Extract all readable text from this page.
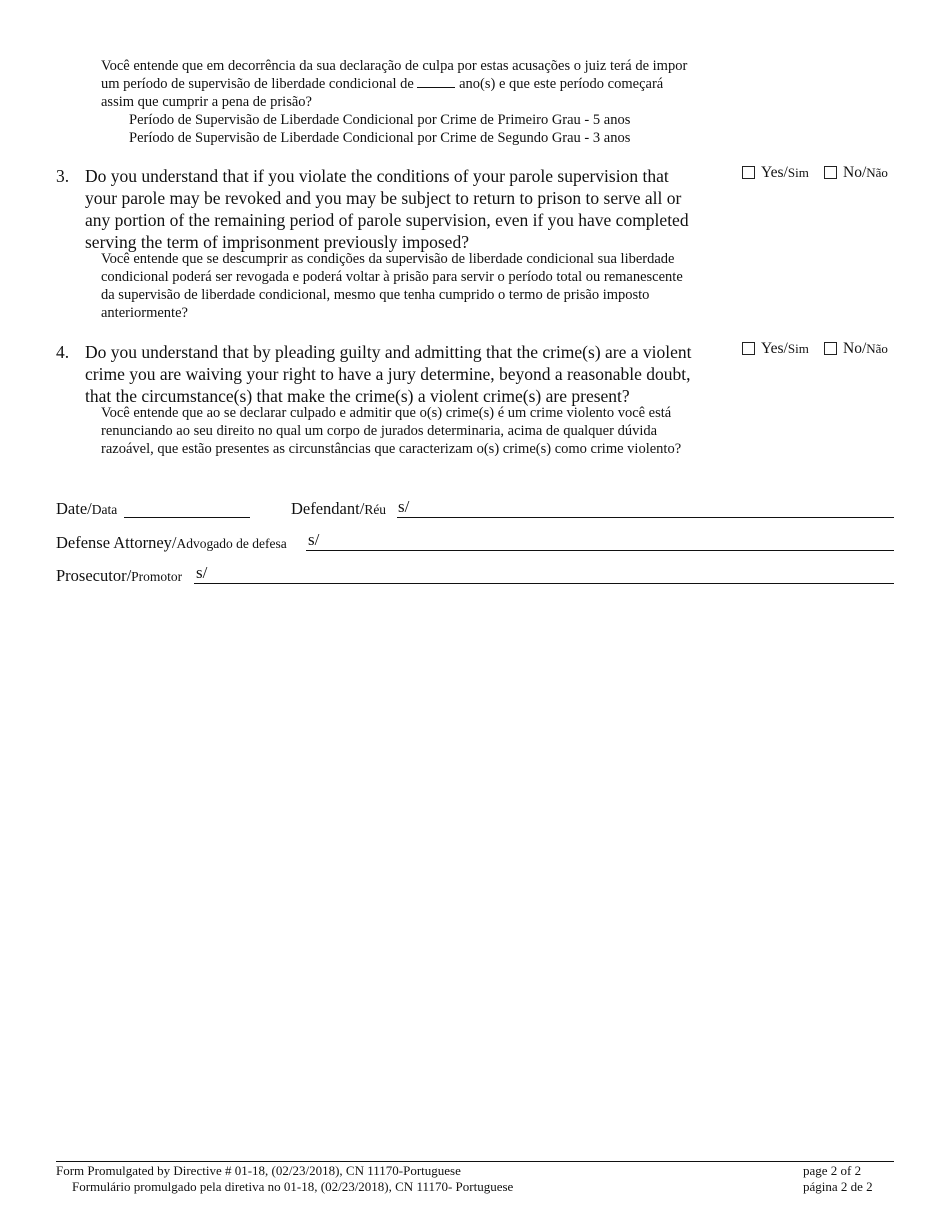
Você entende que em decorrência da sua declaração de culpa por estas acusações o juiz terá de impor
um período de supervisão de liberdade condicional de	ano(s) e que este período começará
assim que cumprir a pena de prisão?
Período de Supervisão de Liberdade Condicional por Crime de Primeiro Grau - 5 anos
Período de Supervisão de Liberdade Condicional por Crime de Segundo Grau - 3 anos
3. Do you understand that if you violate the conditions of your parole supervision that
your parole may be revoked and you may be subject to return to prison to serve all or
any portion of the remaining period of parole supervision, even if you have completed
serving the term of imprisonment previously imposed?
Você entende que se descumprir as condições da supervisão de liberdade condicional sua liberdade
condicional poderá ser revogada e poderá voltar à prisão para servir o período total ou remanescente
da supervisão de liberdade condicional, mesmo que tenha cumprido o termo de prisão imposto
anteriormente?
Yes/Sim No/Não
4. Do you understand that by pleading guilty and admitting that the crime(s) are a violent
crime you are waiving your right to have a jury determine, beyond a reasonable doubt,
that the circumstance(s) that make the crime(s) a violent crime(s) are present?
Você entende que ao se declarar culpado e admitir que o(s) crime(s) é um crime violento você está
renunciando ao seu direito no qual um corpo de jurados determinaria, acima de qualquer dúvida
razoável, que estão presentes as circunstâncias que caracterizam o(s) crime(s) como crime violento?
Yes/Sim No/Não
Date/Data	Defendant/Réu s/
Defense Attorney/Advogado de defesa s/
Prosecutor/Promotor s/
Form Promulgated by Directive # 01-18, (02/23/2018), CN 11170-Portuguese
Formulário promulgado pela diretiva no 01-18, (02/23/2018), CN 11170- Portuguese
page 2 of 2
página 2 de 2
